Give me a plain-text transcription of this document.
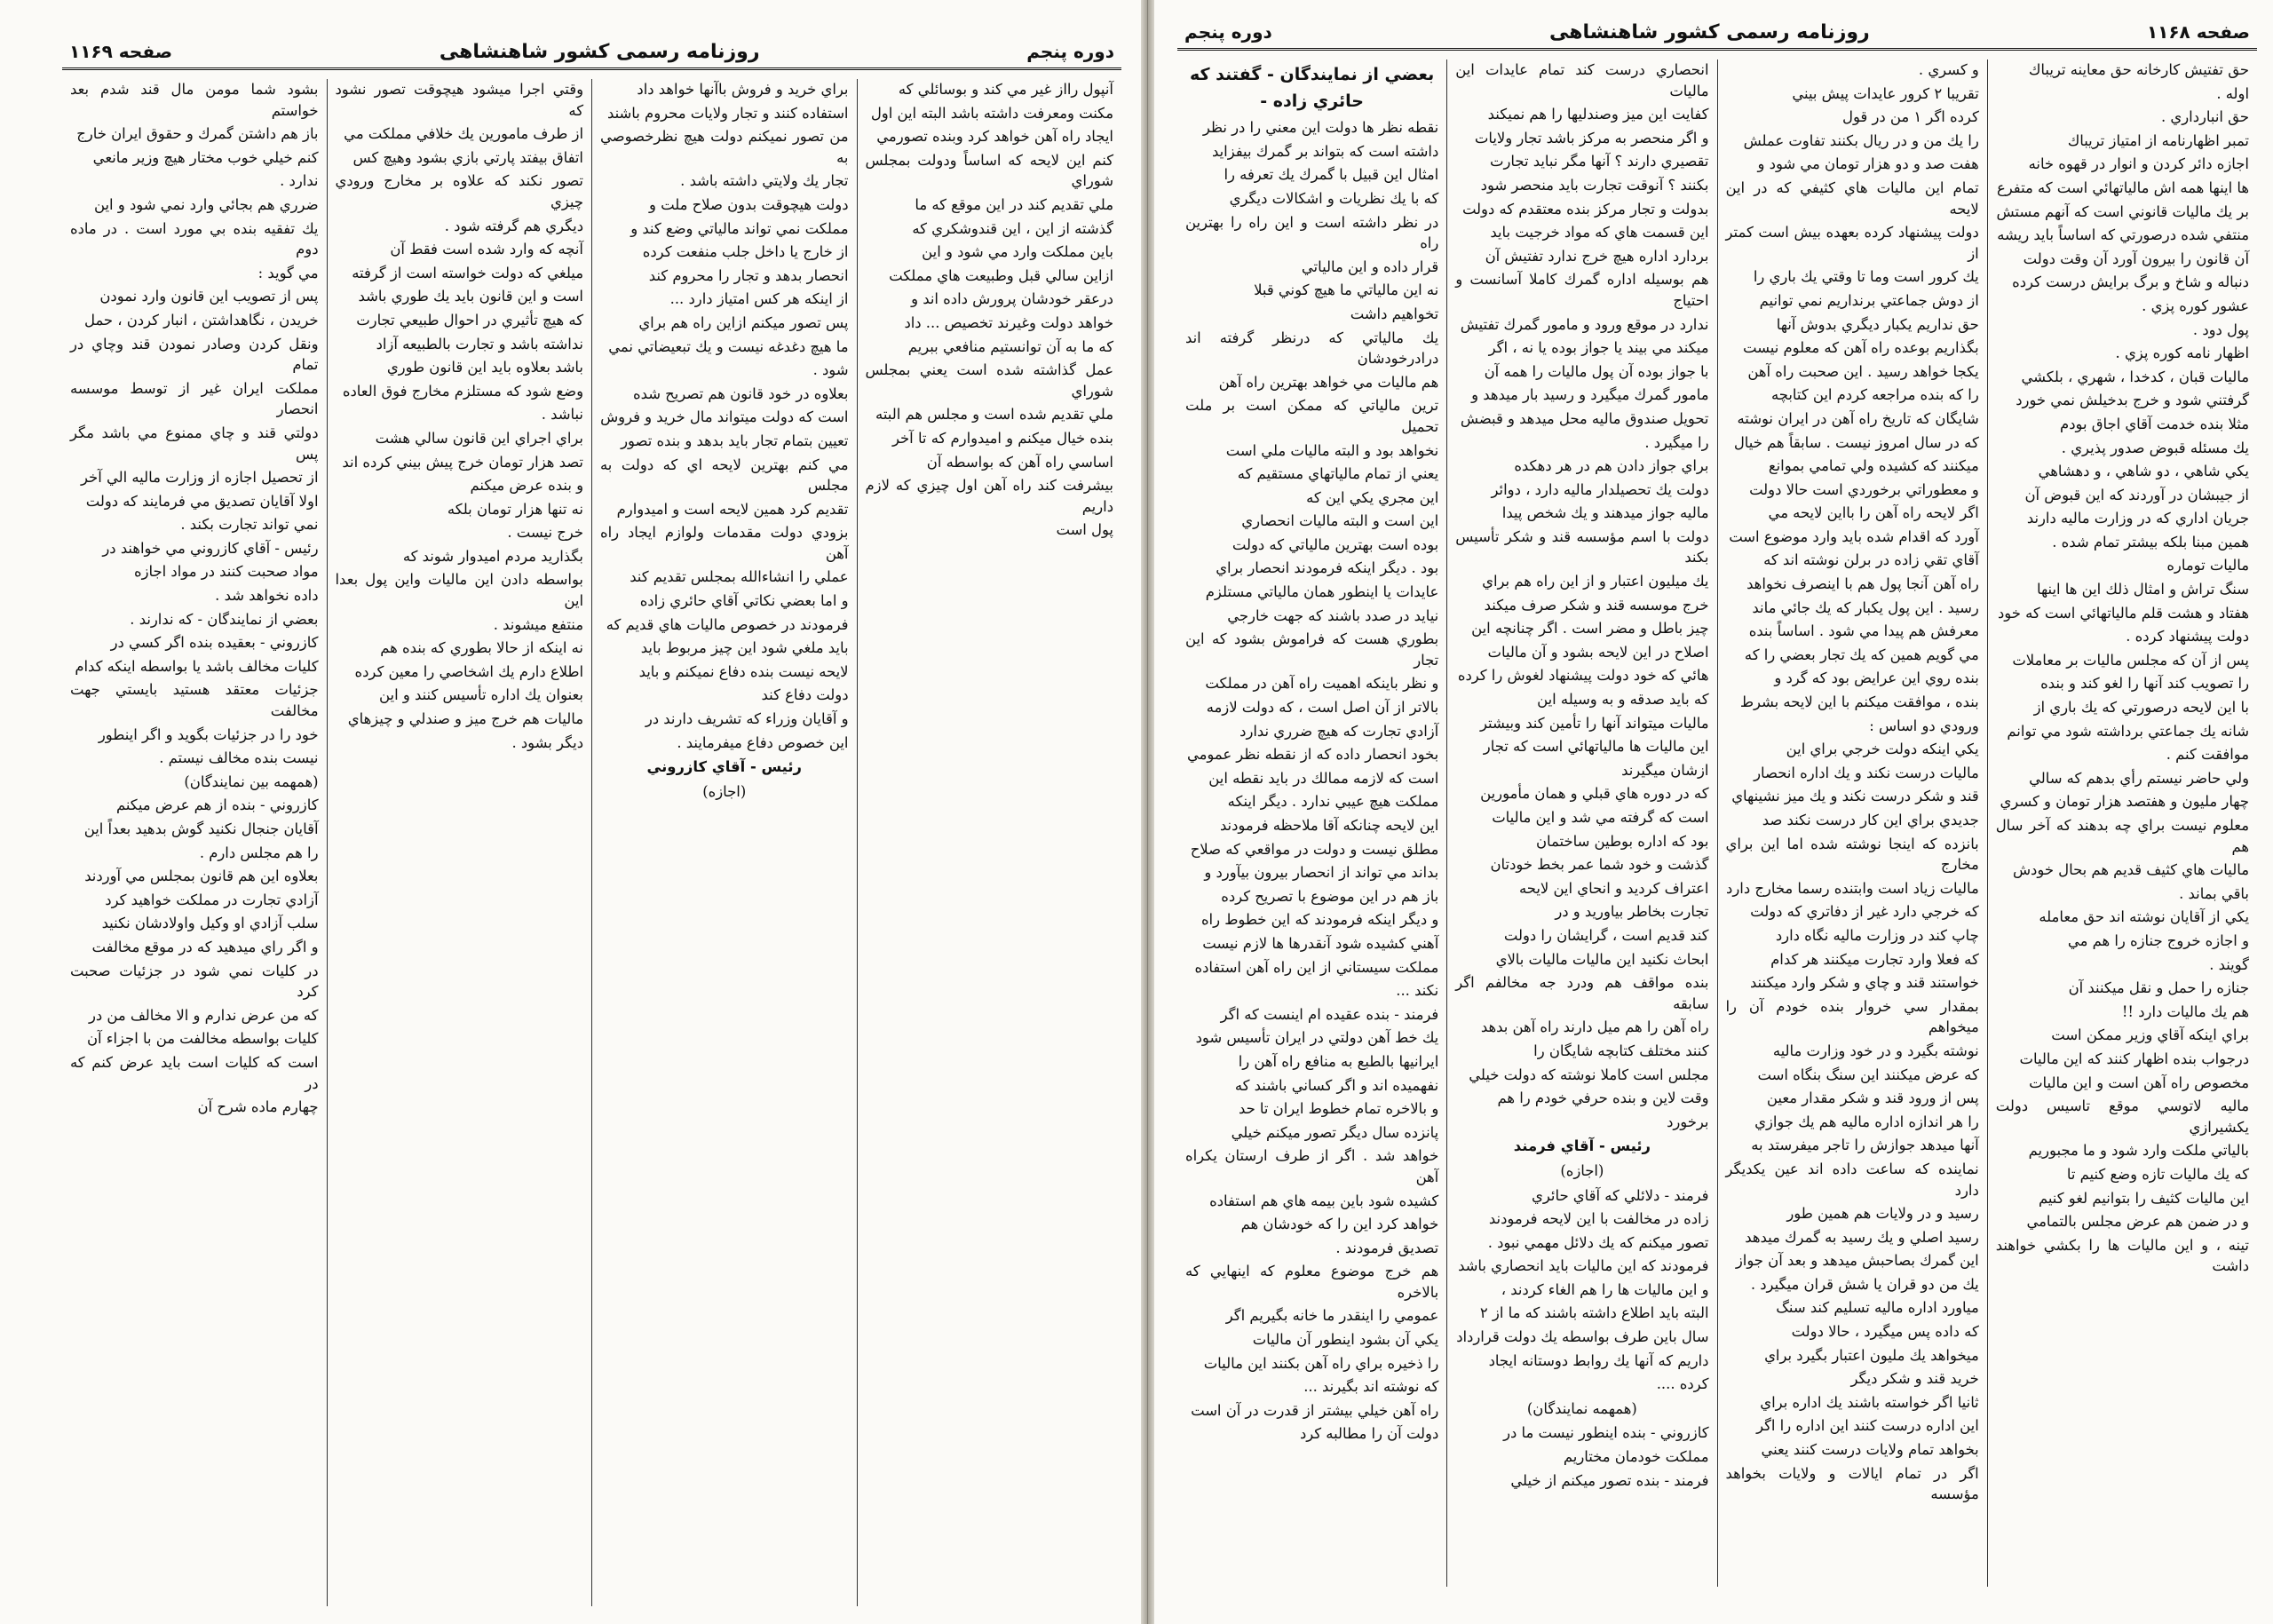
صفحه ۱۱۶۹	روزنامه رسمی کشور شاهنشاهی	دوره پنجم

آنپول رااز غیر مي كند و بوسائلي كه

مكنت ومعرفت داشته باشد البته اين اول

ايجاد راه آهن خواهد كرد وبنده تصورمي

كنم اين لايحه كه اساساً ودولت بمجلس شوراي

ملي تقديم كند در اين موقع كه ما

گذشته از اين ، اين قندوشكري كه

باين مملكت وارد مي شود و اين

ازاين سالي قبل وطبيعت هاي مملكت

درعقر خودشان پرورش داده اند و

خواهد دولت وغيرند تخصيص ... داد

كه ما به آن توانستيم منافعي ببريم

عمل گذاشته شده است يعني بمجلس شوراي

ملي تقديم شده است و مجلس هم البته

بنده خيال ميكنم و اميدوارم كه تا آخر

اساسي راه آهن كه بواسطه آن

بيشرفت كند راه آهن اول چيزي كه لازم داريم

پول است

براي خريد و فروش باآنها خواهد داد

استفاده كنند و تجار ولايات محروم باشند

من تصور نميكنم دولت هيچ نظرخصوصي به

تجار يك ولايتي داشته باشد .

دولت هيچوقت بدون صلاح ملت و

مملكت نمي تواند مالياتي وضع كند و

از خارج يا داخل جلب منفعت كرده

انحصار بدهد و تجار را محروم كند

از اينكه هر كس امتياز دارد ...

پس تصور ميكنم ازاين راه هم براي

ما هيچ دغدغه نيست و يك تبعيضاتي نمي

شود .

بعلاوه در خود قانون هم تصريح شده

است كه دولت ميتواند مال خريد و فروش

تعيين بتمام تجار بايد بدهد و بنده تصور

مي كنم بهترين لايحه اي كه دولت به مجلس

تقديم كرد همين لايحه است و اميدوارم

بزودي دولت مقدمات ولوازم ايجاد راه آهن

عملي را انشاءالله بمجلس تقديم كند

و اما بعضي نكاتي آقاي حائري زاده

فرمودند در خصوص ماليات هاي قديم كه

بايد ملغي شود اين چيز مربوط بايد

لايحه نيست بنده دفاع نميكنم و بايد

دولت دفاع كند

و آقايان وزراء كه تشريف دارند در

اين خصوص دفاع ميفرمايند .

رئيس - آقاي كازروني

(اجازه)

وقتي اجرا ميشود هيچوقت تصور نشود كه

از طرف مامورين يك خلافي مملكت مي

اتفاق بيفتد پارتي بازي بشود وهيچ كس

تصور نكند كه علاوه بر مخارج ورودي چيزي

ديگري هم گرفته شود .

آنچه كه وارد شده است فقط آن

ميلغي كه دولت خواسته است از گرفته

است و اين قانون بايد يك طوري باشد

كه هيچ تأثيري در احوال طبيعي تجارت

نداشته باشد و تجارت بالطبيعه آزاد

باشد بعلاوه بايد اين قانون طوري

وضع شود كه مستلزم مخارج فوق العاده

نباشد .

براي اجراي اين قانون سالي هشت

تصد هزار تومان خرج پيش بيني كرده اند

و بنده عرض ميكنم

نه تنها هزار تومان بلكه

خرج نيست .

بگذاريد مردم اميدوار شوند كه

بواسطه دادن اين ماليات واين پول بعدا اين

منتفع ميشوند .

نه اينكه از حالا بطوري كه بنده هم

اطلاع دارم يك اشخاصي را معين كرده

بعنوان يك اداره تأسيس كنند و اين

ماليات هم خرج ميز و صندلي و چيزهاي

ديگر بشود .

بشود شما مومن مال قند شدم بعد خواستم

باز هم داشتن گمرك و حقوق ايران خارج

كنم خيلي خوب مختار هيچ وزير مانعي

ندارد .

ضرري هم بجائي وارد نمي شود و اين

يك تفقيه بنده بي مورد است . در ماده دوم

مي گويد :

پس از تصويب اين قانون وارد نمودن

خريدن ، نگاهداشتن ، انبار كردن ، حمل

ونقل كردن وصادر نمودن قند وچاي در تمام

مملكت ايران غير از توسط موسسه انحصار

دولتي قند و چاي ممنوع مي باشد مگر پس

از تحصيل اجازه از وزارت ماليه الي آخر

اولا آقايان تصديق مي فرمايند كه دولت

نمي تواند تجارت بكند .

رئيس - آقاي كازروني مي خواهند در

مواد صحبت كنند در مواد اجازه

داده نخواهد شد .

بعضي از نمايندگان - كه ندارند .

كازروني - بعقيده بنده اگر كسي در

كليات مخالف باشد يا بواسطه اينكه كدام

جزئيات معتقد هستيد بايستي جهت مخالفت

خود را در جزئيات بگويد و اگر اينطور

نيست بنده مخالف نيستم .

(همهمه بين نمايندگان)

كازروني - بنده از هم عرض ميكنم

آقايان جنجال نكنيد گوش بدهيد بعداً اين

را هم مجلس دارم .

بعلاوه اين هم قانون بمجلس مي آوردند

آزادي تجارت در مملكت خواهيد كرد

سلب آزادي او وكيل واولادشان نكنيد

و اگر راي ميدهيد كه در موقع مخالفت

در كليات نمي شود در جزئيات صحبت كرد

كه من عرض ندارم و الا مخالف من در

كليات بواسطه مخالفت من با اجزاء آن

است كه كليات است بايد عرض كنم كه در

چهارم ماده شرح آن

دوره پنجم	روزنامه رسمی کشور شاهنشاهی	صفحه ۱۱۶۸

حق تفتيش كارخانه حق معاينه تريباك

اوله .

حق انبارداري .

تمبر اظهارنامه از امتياز تريباك

اجازه دائر كردن و انوار در قهوه خانه

ها اينها همه اش مالياتهائي است كه متفرع

بر يك ماليات قانوني است كه آنهم مستش

منتفي شده درصورتي كه اساساً بايد ريشه

آن قانون را بيرون آورد آن وقت دولت

دنباله و شاخ و برگ برايش درست كرده

عشور كوره پزي .

پول دود .

اظهار نامه كوره پزي .

ماليات قبان ، كدخدا ، شهري ، بلكشي

گرفتني شود و خرج بدخيلش نمي خورد

مثلا بنده خدمت آقاي اجاق بودم

يك مسئله قبوض صدور پذيري .

يكي شاهي ، دو شاهي ، و دهشاهي

از جيبشان در آوردند كه اين قبوض آن

جريان اداري كه در وزارت ماليه دارند

همين مبنا بلكه بيشتر تمام شده .

ماليات توماره

سنگ تراش و امثال ذلك اين ها اينها

هفتاد و هشت قلم مالياتهائي است كه خود

دولت پيشنهاد كرده .

پس از آن كه مجلس ماليات بر معاملات

را تصويب كند آنها را لغو كند و بنده

با اين لايحه درصورتي كه يك باري از

شانه يك جماعتي برداشته شود مي توانم

موافقت كنم .

ولي حاضر نيستم رأي بدهم كه سالي

چهار مليون و هفتصد هزار تومان و كسري

معلوم نيست براي چه بدهند كه آخر سال هم

ماليات هاي كثيف قديم هم بحال خودش

باقي بماند .

يكي از آقايان نوشته اند حق معامله

و اجازه خروج جنازه را هم مي

گويند .

جنازه را حمل و نقل ميكنند آن

هم يك ماليات دارد !!

براي اينكه آقاي وزير ممكن است

درجواب بنده اظهار كنند كه اين ماليات

مخصوص راه آهن است و اين ماليات

ماليه لاتوسي موقع تاسيس دولت يكشيرازي

بالياتي ملكت وارد شود و ما مجبوريم

كه يك ماليات تازه وضع كنيم تا

اين ماليات كثيف را بتوانيم لغو كنيم

و در ضمن هم عرض مجلس بالتمامي

تينه ، و اين ماليات ها را بكشي خواهند داشت

و كسري .

تقريبا ۲ كرور عايدات پيش بيني

كرده اگر ۱ من در قول

را يك من و در ريال بكنند تفاوت عملش

هفت صد و دو هزار تومان مي شود و

تمام اين ماليات هاي كثيفي كه در اين لايحه

دولت پيشنهاد كرده بعهده بيش است كمتر از

يك كرور است وما تا وقتي يك باري را

از دوش جماعتي برنداريم نمي توانيم

حق نداريم يكبار ديگري بدوش آنها

بگذاريم بوعده راه آهن كه معلوم نيست

يكجا خواهد رسيد . اين صحبت راه آهن

را كه بنده مراجعه كردم اين كتابچه

شايگان كه تاريخ راه آهن در ايران نوشته

كه در سال امروز نيست . سابقاً هم خيال

ميكنند كه كشيده ولي تمامي بموانع

و معطوراتي برخوردي است حالا دولت

اگر لايحه راه آهن را بااين لايحه مي

آورد كه اقدام شده بايد وارد موضوع است

آقاي تقي زاده در برلن نوشته اند كه

راه آهن آنجا پول هم با اينصرف نخواهد

رسيد . اين پول يكبار كه يك جائي ماند

معرفش هم پيدا مي شود . اساساً بنده

مي گويم همين كه يك تجار بعضي را كه

بنده روي اين عرايض بود كه گرد و

بنده ، موافقت ميكنم با اين لايحه بشرط

ورودي دو اساس :

يكي اينكه دولت خرجي براي اين

ماليات درست نكند و يك اداره انحصار

قند و شكر درست نكند و يك ميز نشينهاي

جديدي براي اين كار درست نكند صد

بانزده كه اينجا نوشته شده اما اين براي مخارج

ماليات زياد است وابتنده رسما مخارج دارد

كه خرجي دارد غير از دفاتري كه دولت

چاپ كند در وزارت ماليه نگاه دارد

كه فعلا وارد تجارت ميكنند هر كدام

خواستند قند و چاي و شكر وارد ميكنند

بمقدار سي خروار بنده خودم آن را ميخواهم

نوشته بگيرد و در خود وزارت ماليه

كه عرض ميكنند اين سنگ بنگاه است

پس از ورود قند و شكر مقدار معين

را هر اندازه اداره ماليه هم يك جوازي

آنها ميدهد جوازش را تاجر ميفرستد به

نماينده كه ساعت داده اند عين يكديگر دارد

رسيد و در ولايات هم همين طور

رسيد اصلي و يك رسيد به گمرك ميدهد

اين گمرك بصاحبش ميدهد و بعد آن جواز

يك من دو قران يا شش قران ميگيرد .

مياورد اداره ماليه تسليم كند سنگ

كه داده پس ميگيرد ، حالا دولت

ميخواهد يك مليون اعتبار بگيرد براي

خريد قند و شكر ديگر

ثانيا اگر خواسته باشند يك اداره براي

اين اداره درست كنند اين اداره را اگر

بخواهد تمام ولايات درست كنند يعني

اگر در تمام ايالات و ولايات بخواهد مؤسسه

انحصاري درست كند تمام عايدات اين ماليات

كفايت اين ميز وصندليها را هم نميكند

و اگر منحصر به مركز باشد تجار ولايات

تقصيري دارند ؟ آنها مگر نبايد تجارت

بكنند ؟ آنوقت تجارت بايد منحصر شود

بدولت و تجار مركز بنده معتقدم كه دولت

اين قسمت هاي كه مواد خرجيت بايد

بردارد اداره هيچ خرج ندارد تفتيش آن

هم بوسيله اداره گمرك كاملا آسانست و احتياج

ندارد در موقع ورود و مامور گمرك تفتيش

ميكند مي بيند يا جواز بوده يا نه ، اگر

با جواز بوده آن پول ماليات را همه آن

مامور گمرك ميگيرد و رسيد بار ميدهد و

تحويل صندوق ماليه محل ميدهد و قبضش

را ميگيرد .

براي جواز دادن هم در هر دهكده

دولت يك تحصيلدار ماليه دارد ، دوائر

ماليه جواز ميدهند و يك شخص پيدا

دولت با اسم مؤسسه قند و شكر تأسيس بكند

يك ميليون اعتبار و از اين راه هم براي

خرج موسسه قند و شكر صرف ميكند

چيز باطل و مضر است . اگر چنانچه اين

اصلاح در اين لايحه بشود و آن ماليات

هائي كه خود دولت پيشنهاد لغوش را كرده

كه بايد صدقه و به وسيله اين

ماليات ميتواند آنها را تأمين كند وبيشتر

اين ماليات ها مالياتهائي است كه تجار

ازشان ميگيرند

كه در دوره هاي قبلي و همان مأمورين

است كه گرفته مي شد و اين ماليات

بود كه اداره بوطين ساختمان

گذشت و خود شما عمر بخط خودتان

اعتراف كرديد و انحاي اين لايحه

تجارت بخاطر بياوريد و در

كند قديم است ، گرايشان را دولت

ابحاث نكنيد اين ماليات ماليات بالاي

بنده مواقف هم ودرد جه مخالفم اگر سابقه

راه آهن را هم ميل دارند راه آهن بدهد

كنند مختلف كتابچه شايگان را

مجلس است كاملا نوشته كه دولت خيلي

وقت لاين و بنده حرفي خودم را هم

برخورد

رئيس - آقاي فرمند

(اجازه)

فرمند - دلائلي كه آقاي حائري

زاده در مخالفت با اين لايحه فرمودند

تصور ميكنم كه يك دلائل مهمي نبود .

فرمودند كه اين ماليات بايد انحصاري باشد

و اين ماليات ها را هم الغاء كردند ،

البته بايد اطلاع داشته باشند كه ما از ۲

سال باين طرف بواسطه يك دولت قرارداد

داريم كه آنها يك روابط دوستانه ايجاد

كرده ....

(همهمه نمايندگان)

كازروني - بنده اينطور نيست ما در

مملكت خودمان مختاريم

فرمند - بنده تصور ميكنم از خيلي

بعضي از نمايندگان - گفتند كه

حائري زاده -

نقطه نظر ها دولت اين معني را در نظر

داشته است كه بتواند بر گمرك بيفزايد

امثال اين قبيل با گمرك يك تعرفه را

كه با يك نظريات و اشكالات ديگري

در نظر داشته است و اين راه را بهترين راه

قرار داده و اين مالياتي

نه اين مالياتي ما هيچ كوني قبلا

تخواهيم داشت

يك مالياتي كه درنظر گرفته اند درادرخودشان

هم ماليات مي خواهد بهترين راه آهن

ترين مالياتي كه ممكن است بر ملت تحميل

نخواهد بود و البته ماليات ملي است

يعني از تمام مالياتهاي مستقيم كه

اين مجري يكي اين كه

اين است و البته ماليات انحصاري

بوده است بهترين مالياتي كه دولت

بود . ديگر اينكه فرمودند انحصار براي

عايدات يا اينطور همان مالياتي مستلزم

نيايد در صدد باشند كه جهت خارجي

بطوري هست كه فراموش بشود كه اين تجار

و نظر باينكه اهميت راه آهن در مملكت

بالاتر از آن اصل است ، كه دولت لازمه

آزادي تجارت كه هيچ ضرري ندارد

بخود انحصار داده كه از نقطه نظر عمومي

است كه لازمه ممالك در بايد نقطه اين

مملكت هيچ عيبي ندارد . ديگر اينكه

اين لايحه چنانكه آقا ملاحظه فرمودند

مطلق نيست و دولت در مواقعي كه صلاح

بداند مي تواند از انحصار بيرون بيآورد و

باز هم در اين موضوع با تصريح كرده

و ديگر اينكه فرمودند كه اين خطوط راه

آهني كشيده شود آنقدرها ها لازم نيست

مملكت سيستاني از اين راه آهن استفاده

نكند ...

فرمند - بنده عقيده ام اينست كه اگر

يك خط آهن دولتي در ايران تأسيس شود

ايرانيها بالطبع به منافع راه آهن را

نفهميده اند و اگر كساني باشند كه

و بالاخره تمام خطوط ايران تا حد

پانزده سال ديگر تصور ميكنم خيلي

خواهد شد . اگر از طرف ارستان يكراه آهن

كشيده شود باين بيمه هاي هم استفاده

خواهد كرد اين را كه خودشان هم

تصديق فرمودند .

هم خرج موضوع معلوم كه اينهايي كه بالاخره

عمومي را اينقدر ما خانه بگيريم اگر

يكي آن بشود اينطور آن ماليات

را ذخيره براي راه آهن بكنند اين ماليات

كه نوشته اند بگيرند ...

راه آهن خيلي بيشتر از قدرت در آن است

دولت آن را مطالبه كرد
